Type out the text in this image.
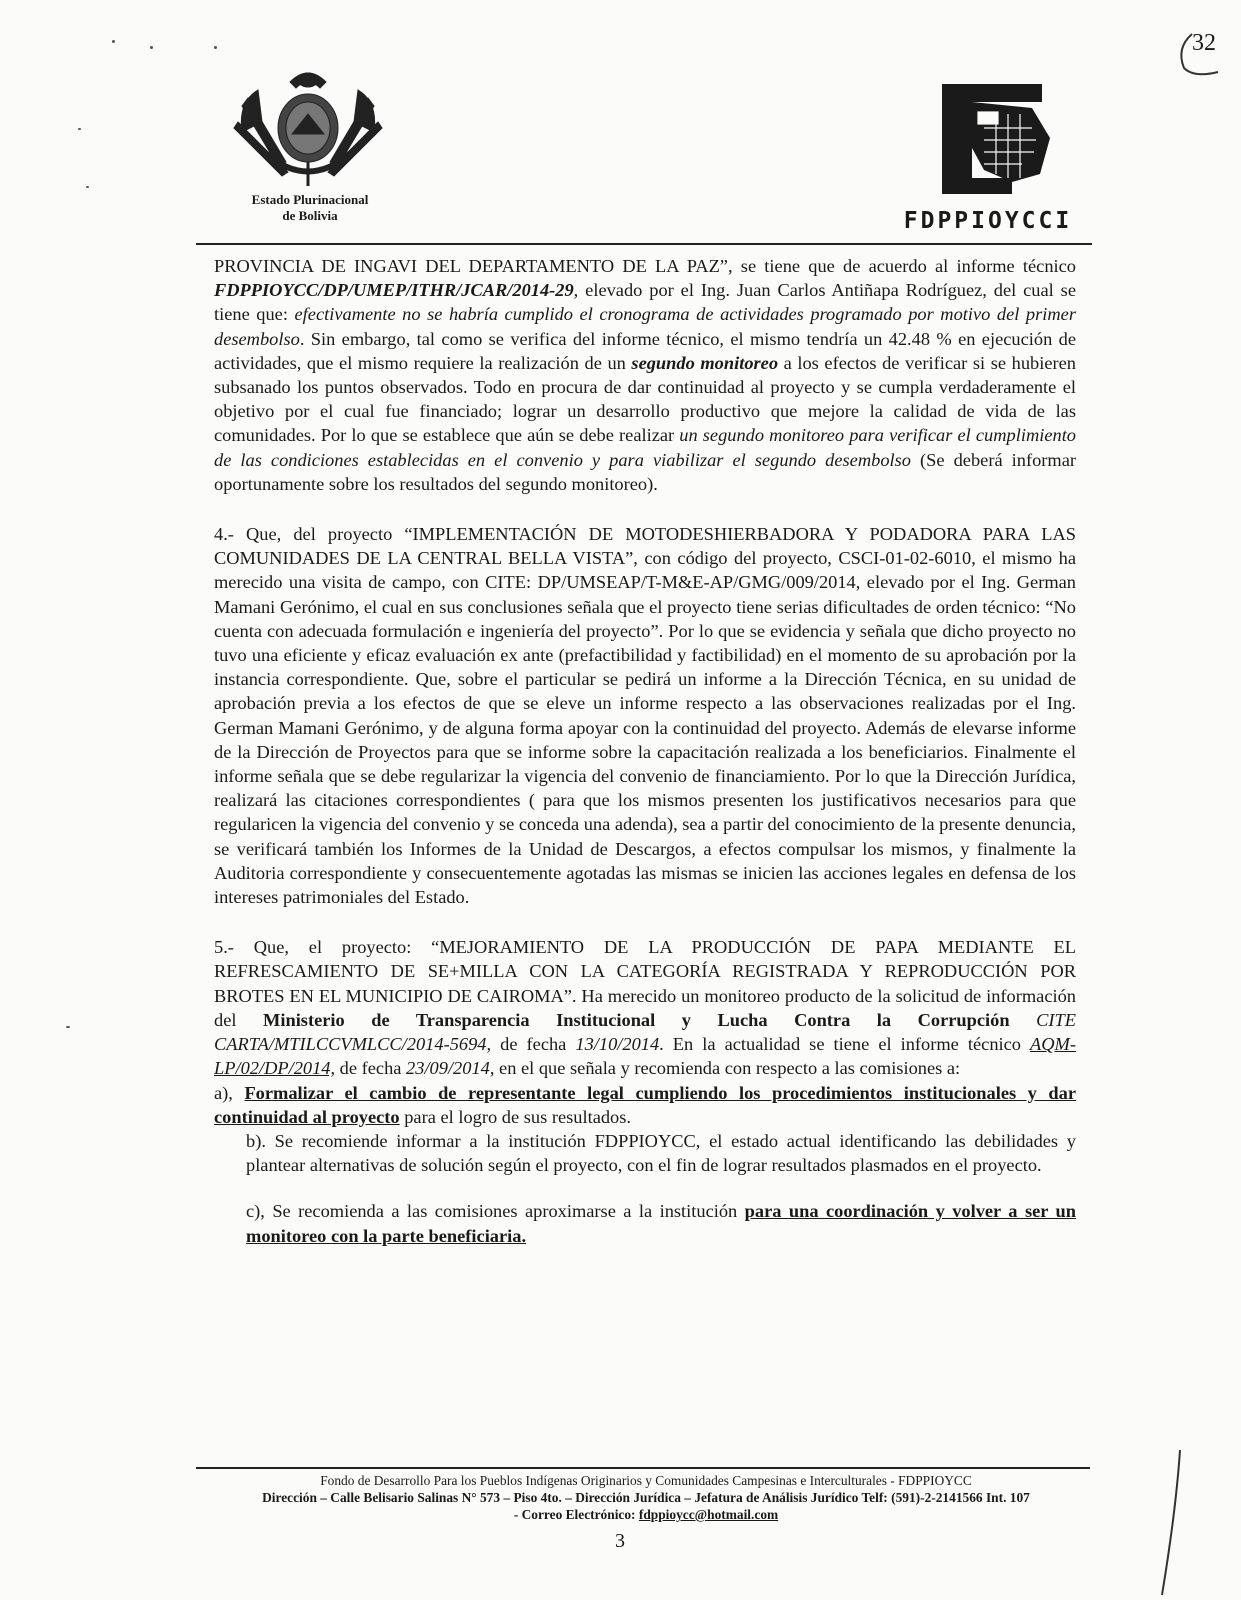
Estado Plurinacional
de Bolivia	FDPPIOYCCI
32

PROVINCIA DE INGAVI DEL DEPARTAMENTO DE LA PAZ”, se tiene que de acuerdo al informe técnico FDPPIOYCC/DP/UMEP/ITHR/JCAR/2014-29, elevado por el Ing. Juan Carlos Antiñapa Rodríguez, del cual se tiene que: efectivamente no se habría cumplido el cronograma de actividades programado por motivo del primer desembolso. Sin embargo, tal como se verifica del informe técnico, el mismo tendría un 42.48 % en ejecución de actividades, que el mismo requiere la realización de un segundo monitoreo a los efectos de verificar si se hubieren subsanado los puntos observados. Todo en procura de dar continuidad al proyecto y se cumpla verdaderamente el objetivo por el cual fue financiado; lograr un desarrollo productivo que mejore la calidad de vida de las comunidades. Por lo que se establece que aún se debe realizar un segundo monitoreo para verificar el cumplimiento de las condiciones establecidas en el convenio y para viabilizar el segundo desembolso (Se deberá informar oportunamente sobre los resultados del segundo monitoreo).

4.- Que, del proyecto “IMPLEMENTACIÓN DE MOTODESHIERBADORA Y PODADORA PARA LAS COMUNIDADES DE LA CENTRAL BELLA VISTA”, con código del proyecto, CSCI-01-02-6010, el mismo ha merecido una visita de campo, con CITE: DP/UMSEAP/T-M&E-AP/GMG/009/2014, elevado por el Ing. German Mamani Gerónimo, el cual en sus conclusiones señala que el proyecto tiene serias dificultades de orden técnico: “No cuenta con adecuada formulación e ingeniería del proyecto”. Por lo que se evidencia y señala que dicho proyecto no tuvo una eficiente y eficaz evaluación ex ante (prefactibilidad y factibilidad) en el momento de su aprobación por la instancia correspondiente. Que, sobre el particular se pedirá un informe a la Dirección Técnica, en su unidad de aprobación previa a los efectos de que se eleve un informe respecto a las observaciones realizadas por el Ing. German Mamani Gerónimo, y de alguna forma apoyar con la continuidad del proyecto. Además de elevarse informe de la Dirección de Proyectos para que se informe sobre la capacitación realizada a los beneficiarios. Finalmente el informe señala que se debe regularizar la vigencia del convenio de financiamiento. Por lo que la Dirección Jurídica, realizará las citaciones correspondientes ( para que los mismos presenten los justificativos necesarios para que regularicen la vigencia del convenio y se conceda una adenda), sea a partir del conocimiento de la presente denuncia, se verificará también los Informes de la Unidad de Descargos, a efectos compulsar los mismos, y finalmente la Auditoria correspondiente y consecuentemente agotadas las mismas se inicien las acciones legales en defensa de los intereses patrimoniales del Estado.

5.- Que, el proyecto: “MEJORAMIENTO DE LA PRODUCCIÓN DE PAPA MEDIANTE EL REFRESCAMIENTO DE SE+MILLA CON LA CATEGORÍA REGISTRADA Y REPRODUCCIÓN POR BROTES EN EL MUNICIPIO DE CAIROMA”. Ha merecido un monitoreo producto de la solicitud de información del Ministerio de Transparencia Institucional y Lucha Contra la Corrupción CITE CARTA/MTILCCVMLCC/2014-5694, de fecha 13/10/2014. En la actualidad se tiene el informe técnico AQM-LP/02/DP/2014, de fecha 23/09/2014, en el que señala y recomienda con respecto a las comisiones a:

a), Formalizar el cambio de representante legal cumpliendo los procedimientos institucionales y dar continuidad al proyecto para el logro de sus resultados.

b). Se recomiende informar a la institución FDPPIOYCC, el estado actual identificando las debilidades y plantear alternativas de solución según el proyecto, con el fin de lograr resultados plasmados en el proyecto.

c), Se recomienda a las comisiones aproximarse a la institución para una coordinación y volver a ser un monitoreo con la parte beneficiaria.

Fondo de Desarrollo Para los Pueblos Indígenas Originarios y Comunidades Campesinas e Interculturales - FDPPIOYCC
Dirección – Calle Belisario Salinas N° 573 – Piso 4to. – Dirección Jurídica – Jefatura de Análisis Jurídico Telf: (591)-2-2141566 Int. 107
- Correo Electrónico: fdppioycc@hotmail.com
3
